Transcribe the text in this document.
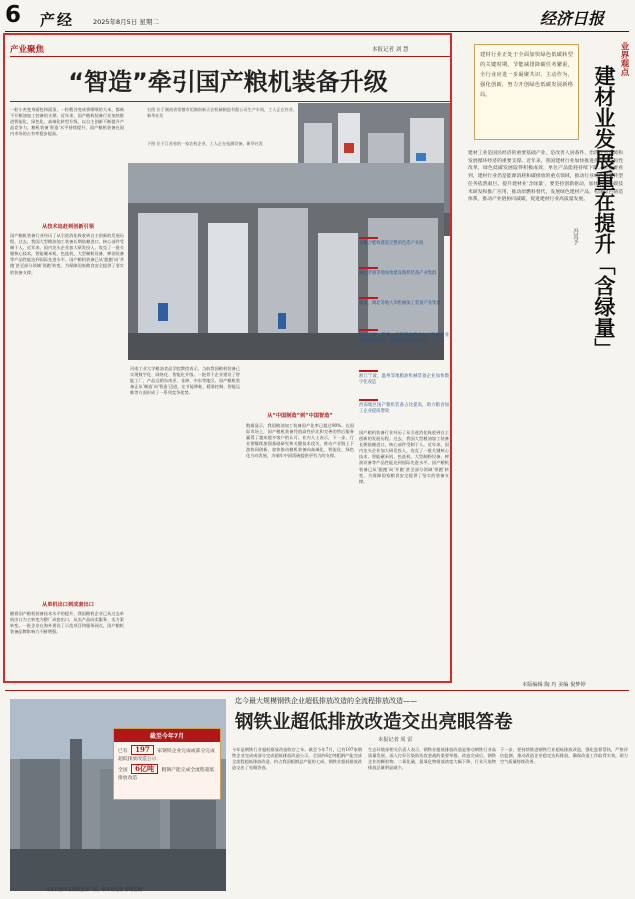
6 产经	2025年8月5日 星期二	经济日报
产业聚焦	本报记者 刘 慧
“智造”牵引国产粮机装备升级
一粒小麦变身面包和面条，一粒稻谷变成香喷喷的大米，都离不开粮油加工装备的支撑。近年来，国产粮机装备行业加快推进智能化、绿色化、高端化转型升级，以自主创新不断提升产品竞争力，粮机装备‘智造’水平持续提升，国产粮机装备在国内市场的占有率稳步提高。
从技术追赶到创新引领
国产粮机装备行业经历了从引进消化吸收到自主创新的发展历程。过去，我国大型粮油加工装备长期依赖进口，核心部件受制于人。近年来，国内龙头企业加大研发投入，攻克了一批关键核心技术，智能碾米机、色选机、大型制粉设备、榨油设备等产品性能达到国际先进水平。国产粮机装备已从‘跟跑’向‘并跑’甚至部分领域‘领跑’转变，为保障国家粮食安全提供了坚实的装备支撑。
从单机出口到成套出口
随着国产粮机装备技术水平的提升，我国粮机企业已从过去单机出口为主转变为整厂成套出口，从卖产品向卖服务、卖方案转变。一批企业在海外建设了示范项目和服务网点，国产粮机装备品牌影响力不断增强。
右图 位于湖南省常德市的湖南新天农机械制造有限公司生产车间，工人正在作业。新华社发
下图 位于江苏省的一家农机企业，工人正在检测设备。新华社发
安徽合肥构建起完整的色选产业链
湖北孝感等地加快建设粮机装备产业集群
湖南、湖北等地大米机械加工装备产业集群
江苏无锡、常熟、江阴等地粮食加工装备产业形成规模效应，以智能化为主攻方向
浙江宁波、温州等地粮油机械装备企业加快数字化改造
西南地区国产粮机装备占比提高，助力粮食加工企业提质增效
河南工业大学粮油食品学院教授表示，当前我国粮机装备已实现数字化、网络化、智能化升级。一批骨干企业建设了智能工厂，产品远销东南亚、非洲、中东等地区。国产粮机装备正从‘制造’向‘智造’迈进，在节能降耗、精准控制、智能运维等方面形成了一系列竞争优势。
从“中国制造”到“中国智造”
数据显示，我国粮油加工装备国产化率已超过90%。在国际市场上，国产粮机装备凭借高性价比和完善的售后服务赢得了越来越多客户的认可。业内人士表示，下一步，行业要继续加强基础研究和关键技术攻关，推动产业链上下游协同创新，加快推动粮机装备向高端化、智能化、绿色化方向发展，为端牢中国饭碗提供更有力的支撑。
国产粮机装备行业经历了从引进消化吸收到自主创新的发展历程。过去，我国大型粮油加工装备长期依赖进口，核心部件受制于人。近年来，国内龙头企业加大研发投入，攻克了一批关键核心技术，智能碾米机、色选机、大型制粉设备、榨油设备等产品性能达到国际先进水平。国产粮机装备已从‘跟跑’向‘并跑’甚至部分领域‘领跑’转变，为保障国家粮食安全提供了坚实的装备支撑。
建材行业正处于全面加快绿色低碳转型的关键时期，节能减排降碳任务繁重，全行业应进一步凝聚共识、主动作为，强化创新，努力开创绿色低碳发展新格局。
业界观点
建材业发展重在提升「含绿量」
冯其予
建材工业是国民经济的重要基础产业，是改善人居条件、治理生态环境和发展循环经济的重要支撑。近年来，我国建材行业加快推进供给侧结构性改革，绿色低碳发展取得积极成效，单位产品能耗持续下降。但也要看到，建材行业仍是能源消耗和碳排放的重点领域，推动行业绿色低碳转型任务依然艰巨。提升建材业‘含绿量’，要坚持创新驱动，加快节能降碳技术研发和推广应用，推动原燃料替代，发展绿色建材产品，构建绿色制造体系，推动产业链协同减碳，促进建材行业高质量发展。
本版编辑 陶 玙 美编 倪梦婷
迄今最大规模钢铁企业超低排放改造的全流程排放改造——
钢铁业超低排放改造交出亮眼答卷
本报记者 周 雷
截至今年7月
已有 197 家钢铁企业完成或部分完成超低排放改造公示
全国 6亿吨 粗钢产能完成全流程超低排放改造
山东日照市某钢铁企业厂区。新华社记者 郭绪雷摄
今年是钢铁行业超低排放改造收官之年。截至今年7月，已有197家钢铁企业完成或部分完成超低排放改造公示，全国约6亿吨粗钢产能完成全流程超低排放改造，约占我国粗钢总产能的七成。钢铁业超低排放改造交出了亮眼答卷。
生态环境部相关负责人表示，钢铁业超低排放改造是推动钢铁行业高质量发展、深入打好污染防治攻坚战的重要举措。改造完成后，钢铁企业的颗粒物、二氧化硫、氮氧化物排放浓度大幅下降，行业污染物排放总量明显减少。
下一步，要持续推进钢铁行业超低排放改造，强化监督帮扶，严格评估监测，推动改造企业稳定达标排放，确保改造工作取得实效，助力空气质量持续改善。
